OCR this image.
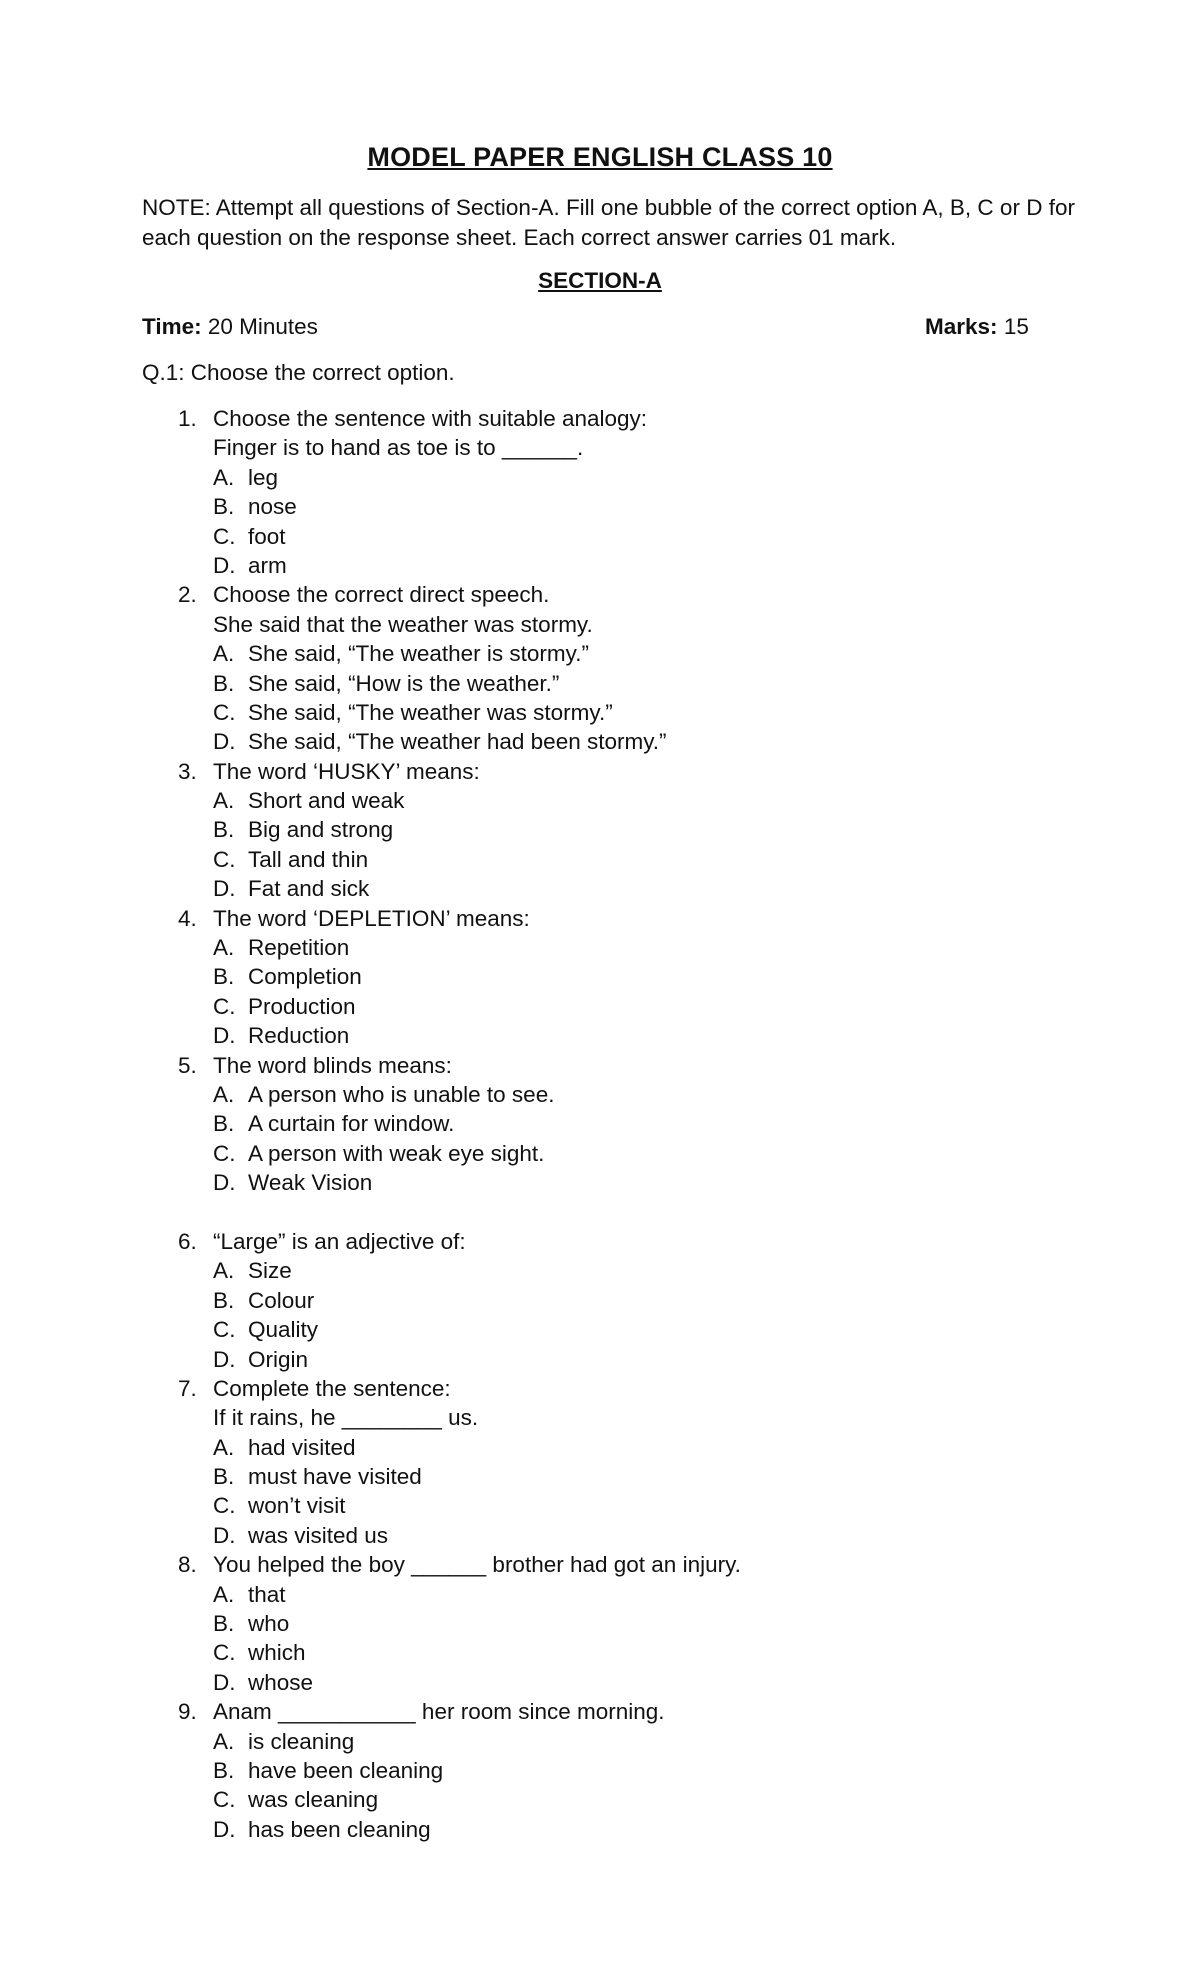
MODEL PAPER ENGLISH CLASS 10
NOTE: Attempt all questions of Section-A. Fill one bubble of the correct option A, B, C or D for each question on the response sheet. Each correct answer carries 01 mark.
SECTION-A
Time: 20 Minutes	Marks: 15
Q.1: Choose the correct option.
1. Choose the sentence with suitable analogy:
Finger is to hand as toe is to ______.
A. leg
B. nose
C. foot
D. arm
2. Choose the correct direct speech.
She said that the weather was stormy.
A. She said, “The weather is stormy.”
B. She said, “How is the weather.”
C. She said, “The weather was stormy.”
D. She said, “The weather had been stormy.”
3. The word ‘HUSKY’ means:
A. Short and weak
B. Big and strong
C. Tall and thin
D. Fat and sick
4. The word ‘DEPLETION’ means:
A. Repetition
B. Completion
C. Production
D. Reduction
5. The word blinds means:
A. A person who is unable to see.
B. A curtain for window.
C. A person with weak eye sight.
D. Weak Vision
6. “Large” is an adjective of:
A. Size
B. Colour
C. Quality
D. Origin
7. Complete the sentence:
If it rains, he ________ us.
A. had visited
B. must have visited
C. won’t visit
D. was visited us
8. You helped the boy ______ brother had got an injury.
A. that
B. who
C. which
D. whose
9. Anam ___________ her room since morning.
A. is cleaning
B. have been cleaning
C. was cleaning
D. has been cleaning
